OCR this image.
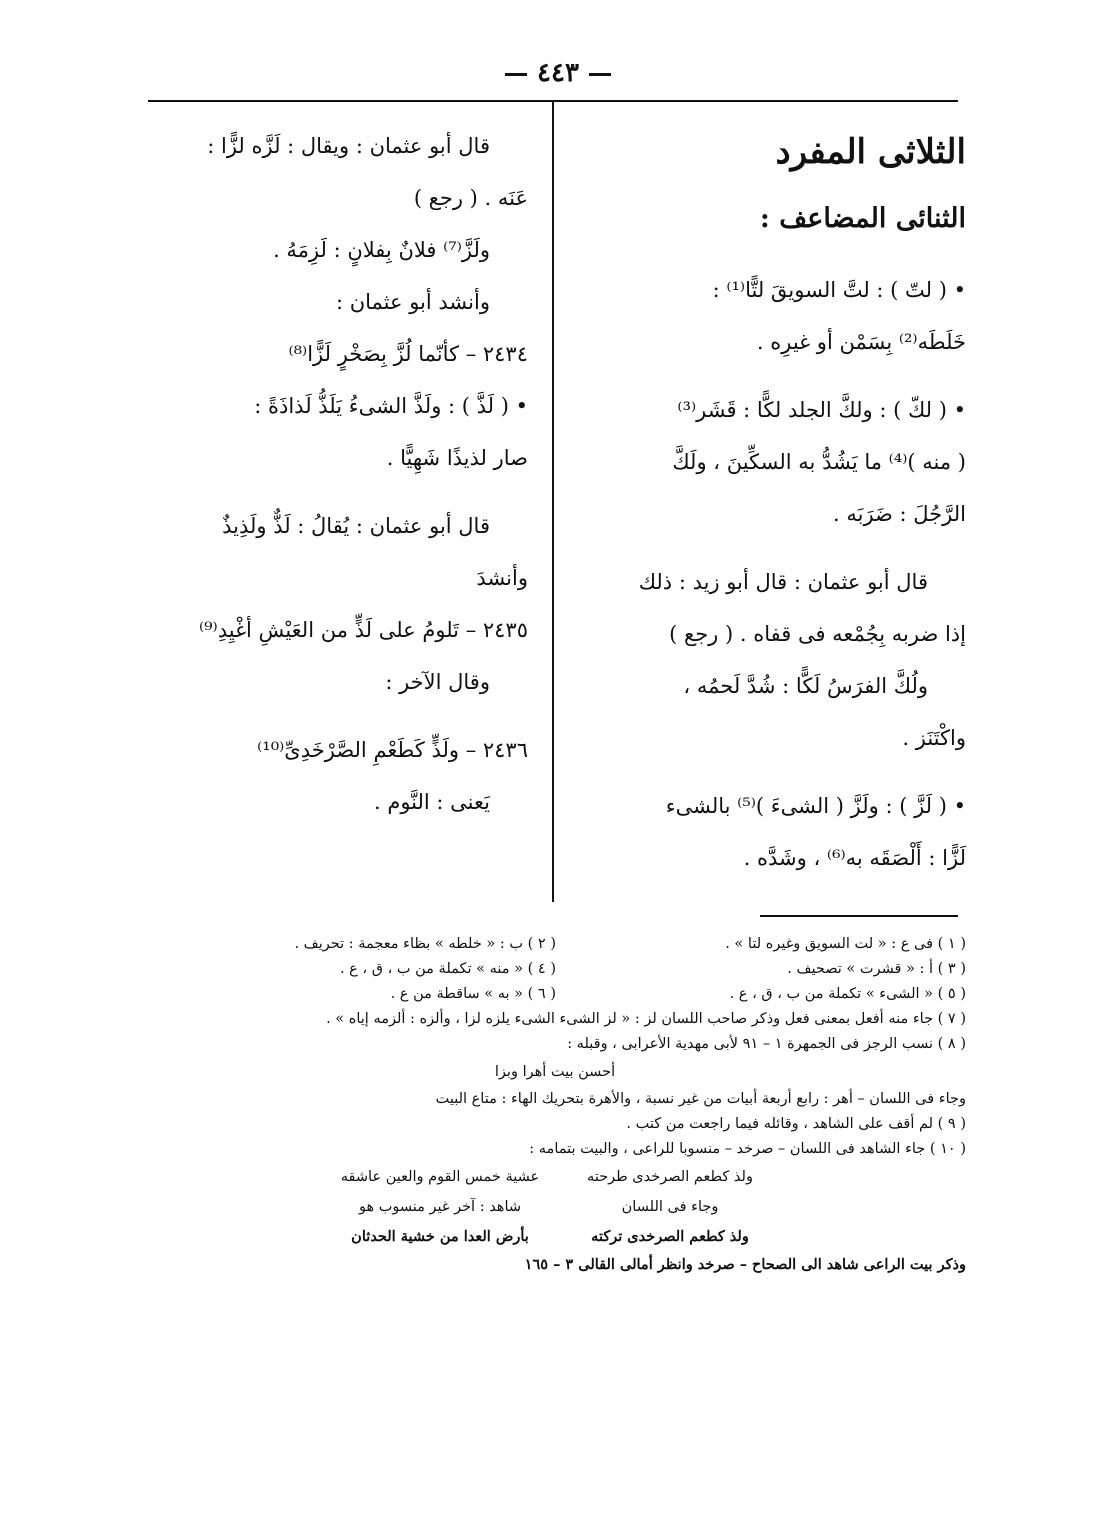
٤٤٣
الثلاثى المفرد
الثنائى المضاعف :
• ( لتّ ) : لتَّ السويقَ لتًّا⁽¹⁾ :
خَلَطَه⁽²⁾ بِسَمْن أو غيرِه .
• ( لكّ ) : ولكَّ الجلد لكًّا : قَشَر⁽³⁾
( منه )⁽⁴⁾ ما يَشُدُّ به السكِّينَ ، ولَكَّ
الرَّجُلَ : ضَرَبَه .
قال أبو عثمان : قال أبو زيد : ذلك
إذا ضربه بِجُمْعه فى قفاه . ( رجع )
ولُكَّ الفرَسُ لَكًّا : شُدَّ لَحمُه ،
واكْتَنَز .
• ( لَزَّ ) : ولَزَّ ( الشىءَ )⁽⁵⁾ بالشىء
لَزًّا : أَلْصَقَه به⁽⁶⁾ ، وشَدَّه .
قال أبو عثمان : ويقال : لَزَّه لزًّا :
عَنَه . ( رجع )
ولَزَّ⁽⁷⁾ فلانٌ بِفلانٍ : لَزِمَهُ .
وأنشد أبو عثمان :
٢٤٣٤ – كأنّما لُزَّ بِصَخْرٍ لَزًّا⁽⁸⁾
• ( لَذَّ ) : ولَذَّ الشىءُ يَلَذُّ لَذاذَةً :
صار لذيذًا شَهِيًّا .
قال أبو عثمان : يُقالُ : لَذٌّ ولَذِيذٌ
وأنشدَ
٢٤٣٥ – تَلومُ على لَذٍّ من العَيْشِ أغْيِدِ⁽⁹⁾
وقال الآخر :
٢٤٣٦ – ولَذٍّ كَطَعْمِ الصَّرْخَدِىِّ⁽¹⁰⁾
يَعنى : النَّوم .
( ١ ) فى ع : « لت السويق وغيره لتا » .
( ٢ ) ب : « خلطه » بظاء معجمة : تحريف .
( ٣ ) أ : « قشرت » تصحيف .
( ٤ ) « منه » تكملة من ب ، ق ، ع .
( ٥ ) « الشىء » تكملة من ب ، ق ، ع .
( ٦ ) « به » ساقطة من ع .
( ٧ ) جاء منه أفعل بمعنى فعل وذكر صاحب اللسان لز : « لز الشىء الشىء يلزه لزا ، وألزه : ألزمه إياه » .
( ٨ ) نسب الرجز فى الجمهرة ١ – ٩١ لأبى مهدية الأعرابى ، وقبله :
أحسن بيت أهرا وبزا
وجاء فى اللسان – أهر : رابع أربعة أبيات من غير نسبة ، والأهرة بتحريك الهاء : متاع البيت
( ٩ ) لم أقف على الشاهد ، وقائله فيما راجعت من كتب .
( ١٠ ) جاء الشاهد فى اللسان – صرخد – منسوبا للراعى ، والبيت بتمامه :
ولذ كطعم الصرخدى طرحته
عشية خمس القوم والعين عاشقه
وجاء فى اللسان
شاهد : آخر غير منسوب هو
ولذ كطعم الصرخدى تركته
بأرض العدا من خشية الحدثان
وذكر بيت الراعى شاهد الى الصحاح – صرخد وانظر أمالى القالى ٣ – ١٦٥
